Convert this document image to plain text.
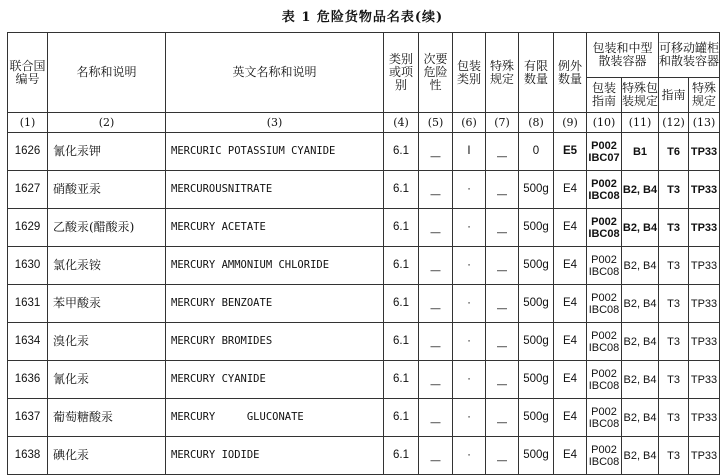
表 1 危险货物品名表(续)
联合国编号	名称和说明	英文名称和说明	类别或项别	次要危险性	包装类别	特殊规定	有限数量	例外数量	包装和中型散装容器		可移动罐柜和散装容器	
									包装指南	特殊包装规定	指南	特殊规定
(1)	(2)	(3)	(4)	(5)	(6)	(7)	(8)	(9)	(10)	(11)	(12)	(13)
1626	氰化汞钾	MERCURIC POTASSIUM CYANIDE	6.1	—	I	—	0	E5	P002
IBC07	B1	T6	TP33
1627	硝酸亚汞	MERCUROUSNITRATE	6.1	—	·	—	500g	E4	P002
IBC08	B2, B4	T3	TP33
1629	乙酸汞(醋酸汞)	MERCURY ACETATE	6.1	—	·	—	500g	E4	P002
IBC08	B2, B4	T3	TP33
1630	氯化汞铵	MERCURY AMMONIUM CHLORIDE	6.1	—	·	—	500g	E4	P002
IBC08	B2, B4	T3	TP33
1631	苯甲酸汞	MERCURY BENZOATE	6.1	—	·	—	500g	E4	P002
IBC08	B2, B4	T3	TP33
1634	溴化汞	MERCURY BROMIDES	6.1	—	·	—	500g	E4	P002
IBC08	B2, B4	T3	TP33
1636	氰化汞	MERCURY CYANIDE	6.1	—	·	—	500g	E4	P002
IBC08	B2, B4	T3	TP33
1637	葡萄糖酸汞	MERCURY     GLUCONATE	6.1	—	·	—	500g	E4	P002
IBC08	B2, B4	T3	TP33
1638	碘化汞	MERCURY IODIDE	6.1	—	·	—	500g	E4	P002
IBC08	B2, B4	T3	TP33
